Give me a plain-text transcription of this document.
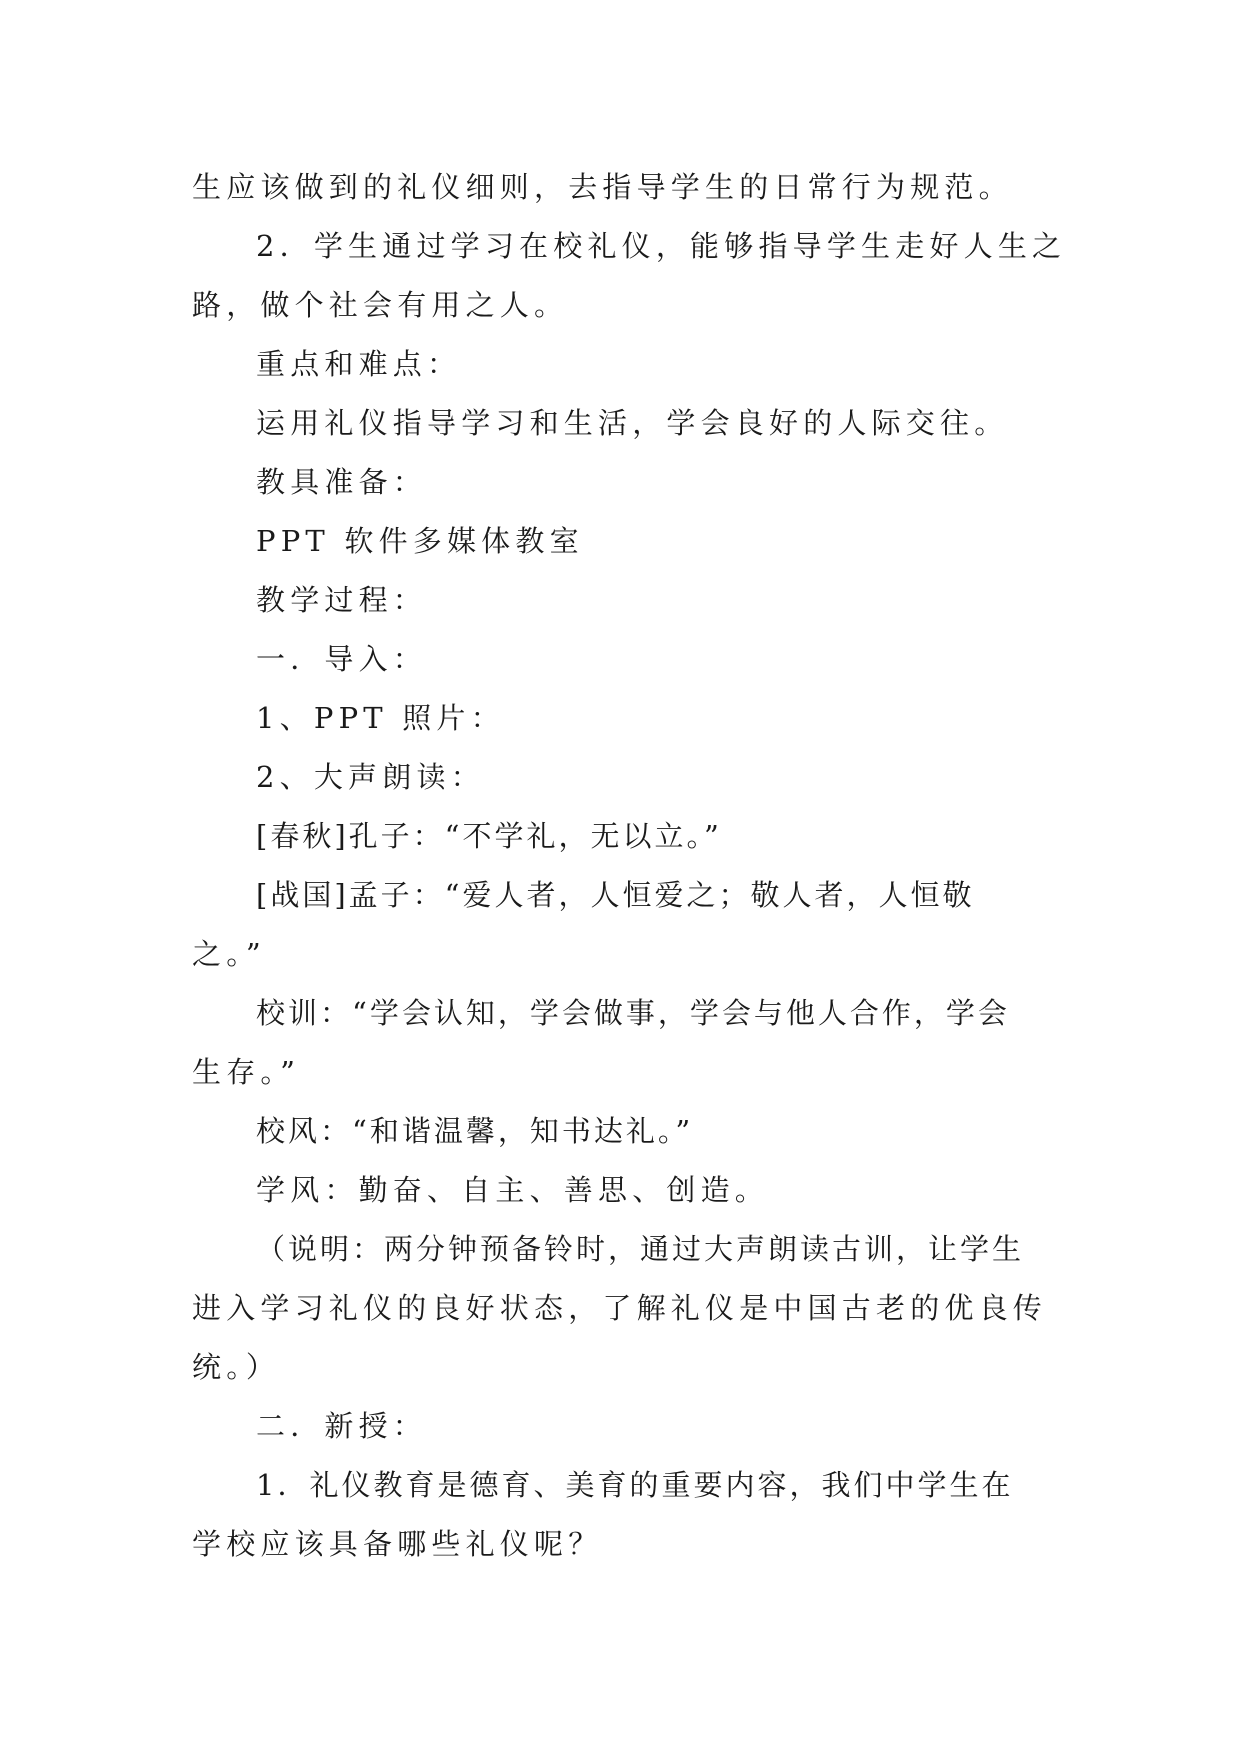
生应该做到的礼仪细则，去指导学生的日常行为规范。
2．学生通过学习在校礼仪，能够指导学生走好人生之
路，做个社会有用之人。
重点和难点：
运用礼仪指导学习和生活，学会良好的人际交往。
教具准备：
PPT 软件多媒体教室
教学过程：
一．导入：
1、PPT 照片：
2、大声朗读：
[春秋]孔子：“不学礼，无以立。”
[战国]孟子：“爱人者，人恒爱之；敬人者，人恒敬
之。”
校训：“学会认知，学会做事，学会与他人合作，学会
生存。”
校风：“和谐温馨，知书达礼。”
学风：勤奋、自主、善思、创造。
（说明：两分钟预备铃时，通过大声朗读古训，让学生
进入学习礼仪的良好状态，了解礼仪是中国古老的优良传
统。）
二．新授：
1．礼仪教育是德育、美育的重要内容，我们中学生在
学校应该具备哪些礼仪呢？
